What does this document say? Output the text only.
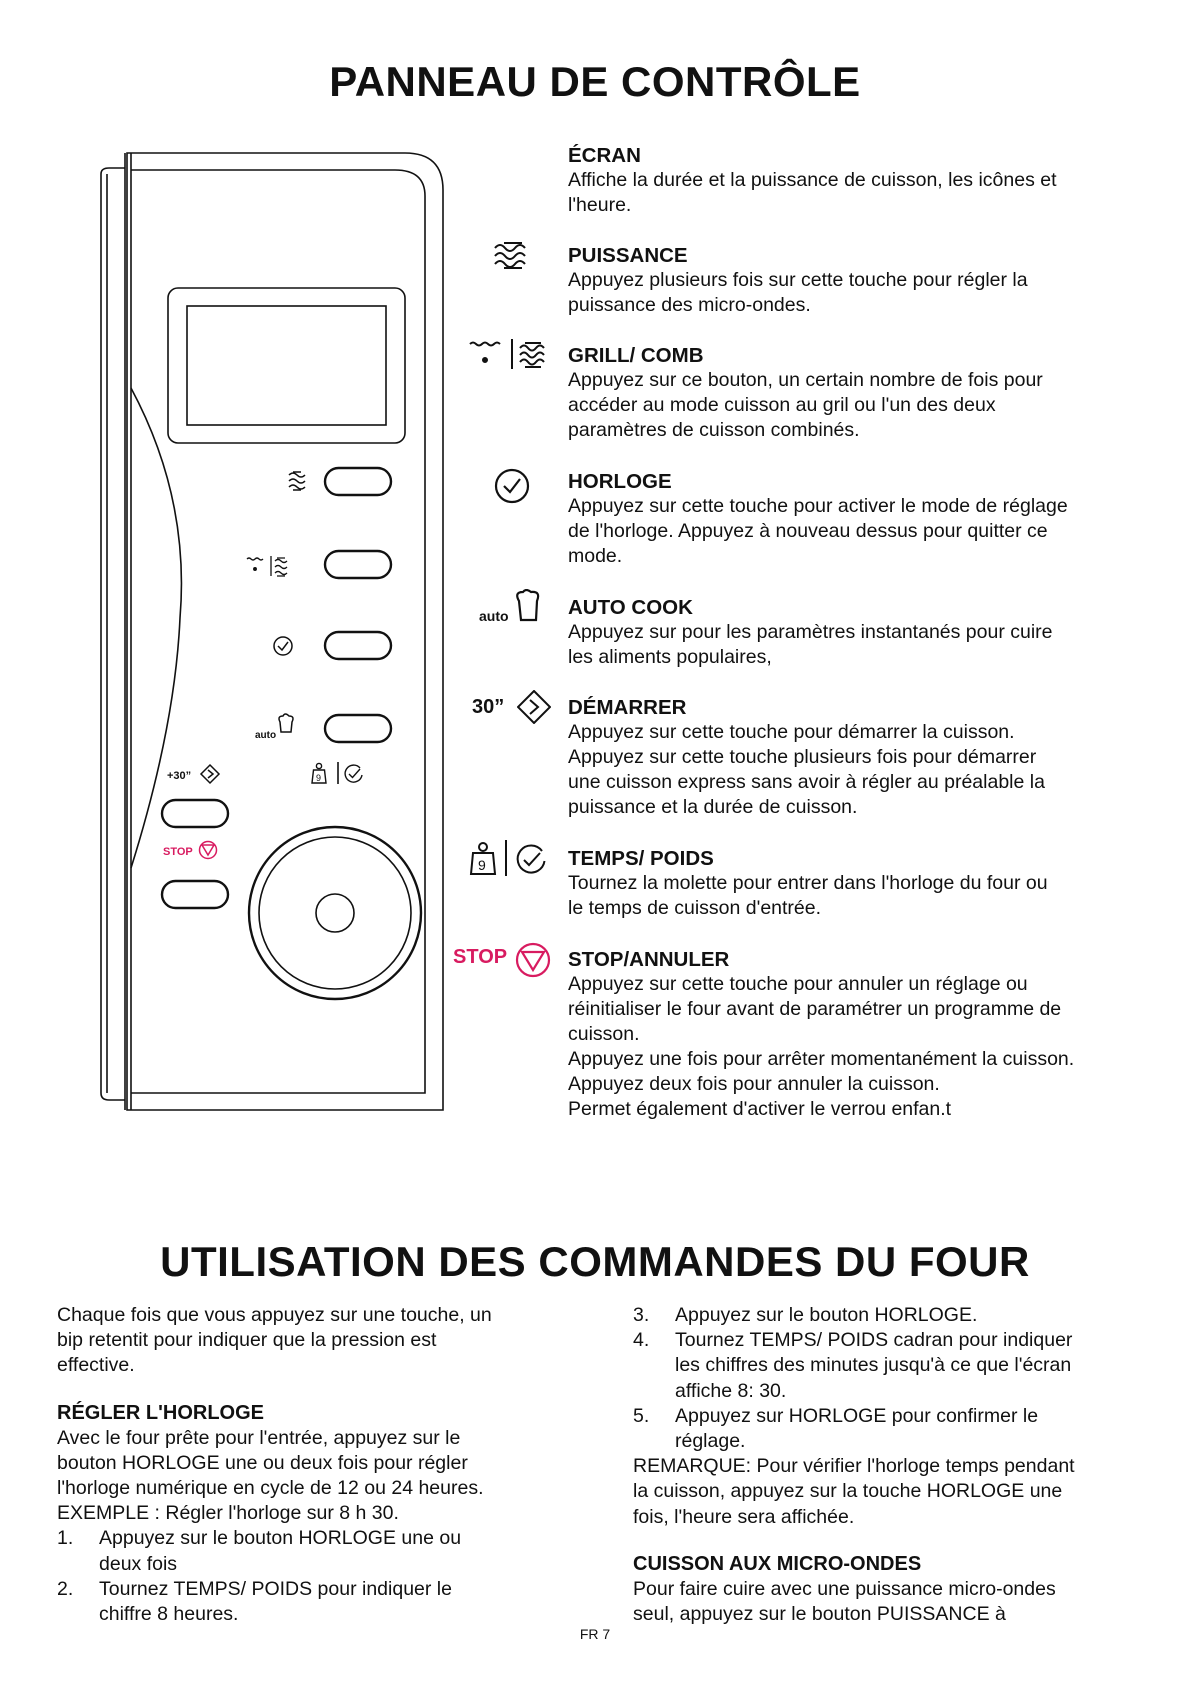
PANNEAU DE CONTRÔLE
auto
+30”
STOP
9
auto
30”
9
STOP
ÉCRAN

Affiche la durée et la puissance de cuisson, les icônes et

l'heure.

PUISSANCE

Appuyez plusieurs fois sur cette touche pour régler la

puissance des micro-ondes.

GRILL/ COMB

Appuyez sur ce bouton, un certain nombre de fois pour

accéder au mode cuisson au gril ou l'un des deux

paramètres de cuisson combinés.

HORLOGE

Appuyez sur cette touche pour activer le mode de réglage

de l'horloge. Appuyez à nouveau dessus pour quitter ce

mode.

AUTO COOK

Appuyez sur pour les paramètres instantanés pour cuire

les aliments populaires,

DÉMARRER

Appuyez sur cette touche pour démarrer la cuisson.

Appuyez sur cette touche plusieurs fois pour démarrer

une cuisson express sans avoir à régler au préalable la

puissance et la durée de cuisson.

TEMPS/ POIDS

Tournez la molette pour entrer dans l'horloge du four ou

le temps de cuisson d'entrée.

STOP/ANNULER

Appuyez sur cette touche pour annuler un réglage ou

réinitialiser le four avant de paramétrer un programme de

cuisson.

Appuyez une fois pour arrêter momentanément la cuisson.

Appuyez deux fois pour annuler la cuisson.

Permet également d'activer le verrou enfan.t

UTILISATION DES COMMANDES DU FOUR

Chaque fois que vous appuyez sur une touche, un

bip retentit pour indiquer que la pression est

effective.

RÉGLER L'HORLOGE

Avec le four prête pour l'entrée, appuyez sur le

bouton HORLOGE une ou deux fois pour régler

l'horloge numérique en cycle de 12 ou 24 heures.

EXEMPLE : Régler l'horloge sur 8 h 30.

1. Appuyez sur le bouton HORLOGE une ou
deux fois
2. Tournez TEMPS/ POIDS pour indiquer le
chiffre 8 heures.
3. Appuyez sur le bouton HORLOGE.
4. Tournez TEMPS/ POIDS cadran pour indiquer
les chiffres des minutes jusqu'à ce que l'écran
affiche 8: 30.
5. Appuyez sur HORLOGE pour confirmer le
réglage.

REMARQUE: Pour vérifier l'horloge temps pendant

la cuisson, appuyez sur la touche HORLOGE une

fois, l'heure sera affichée.

CUISSON AUX MICRO-ONDES

Pour faire cuire avec une puissance micro-ondes

seul, appuyez sur le bouton PUISSANCE à

FR 7
